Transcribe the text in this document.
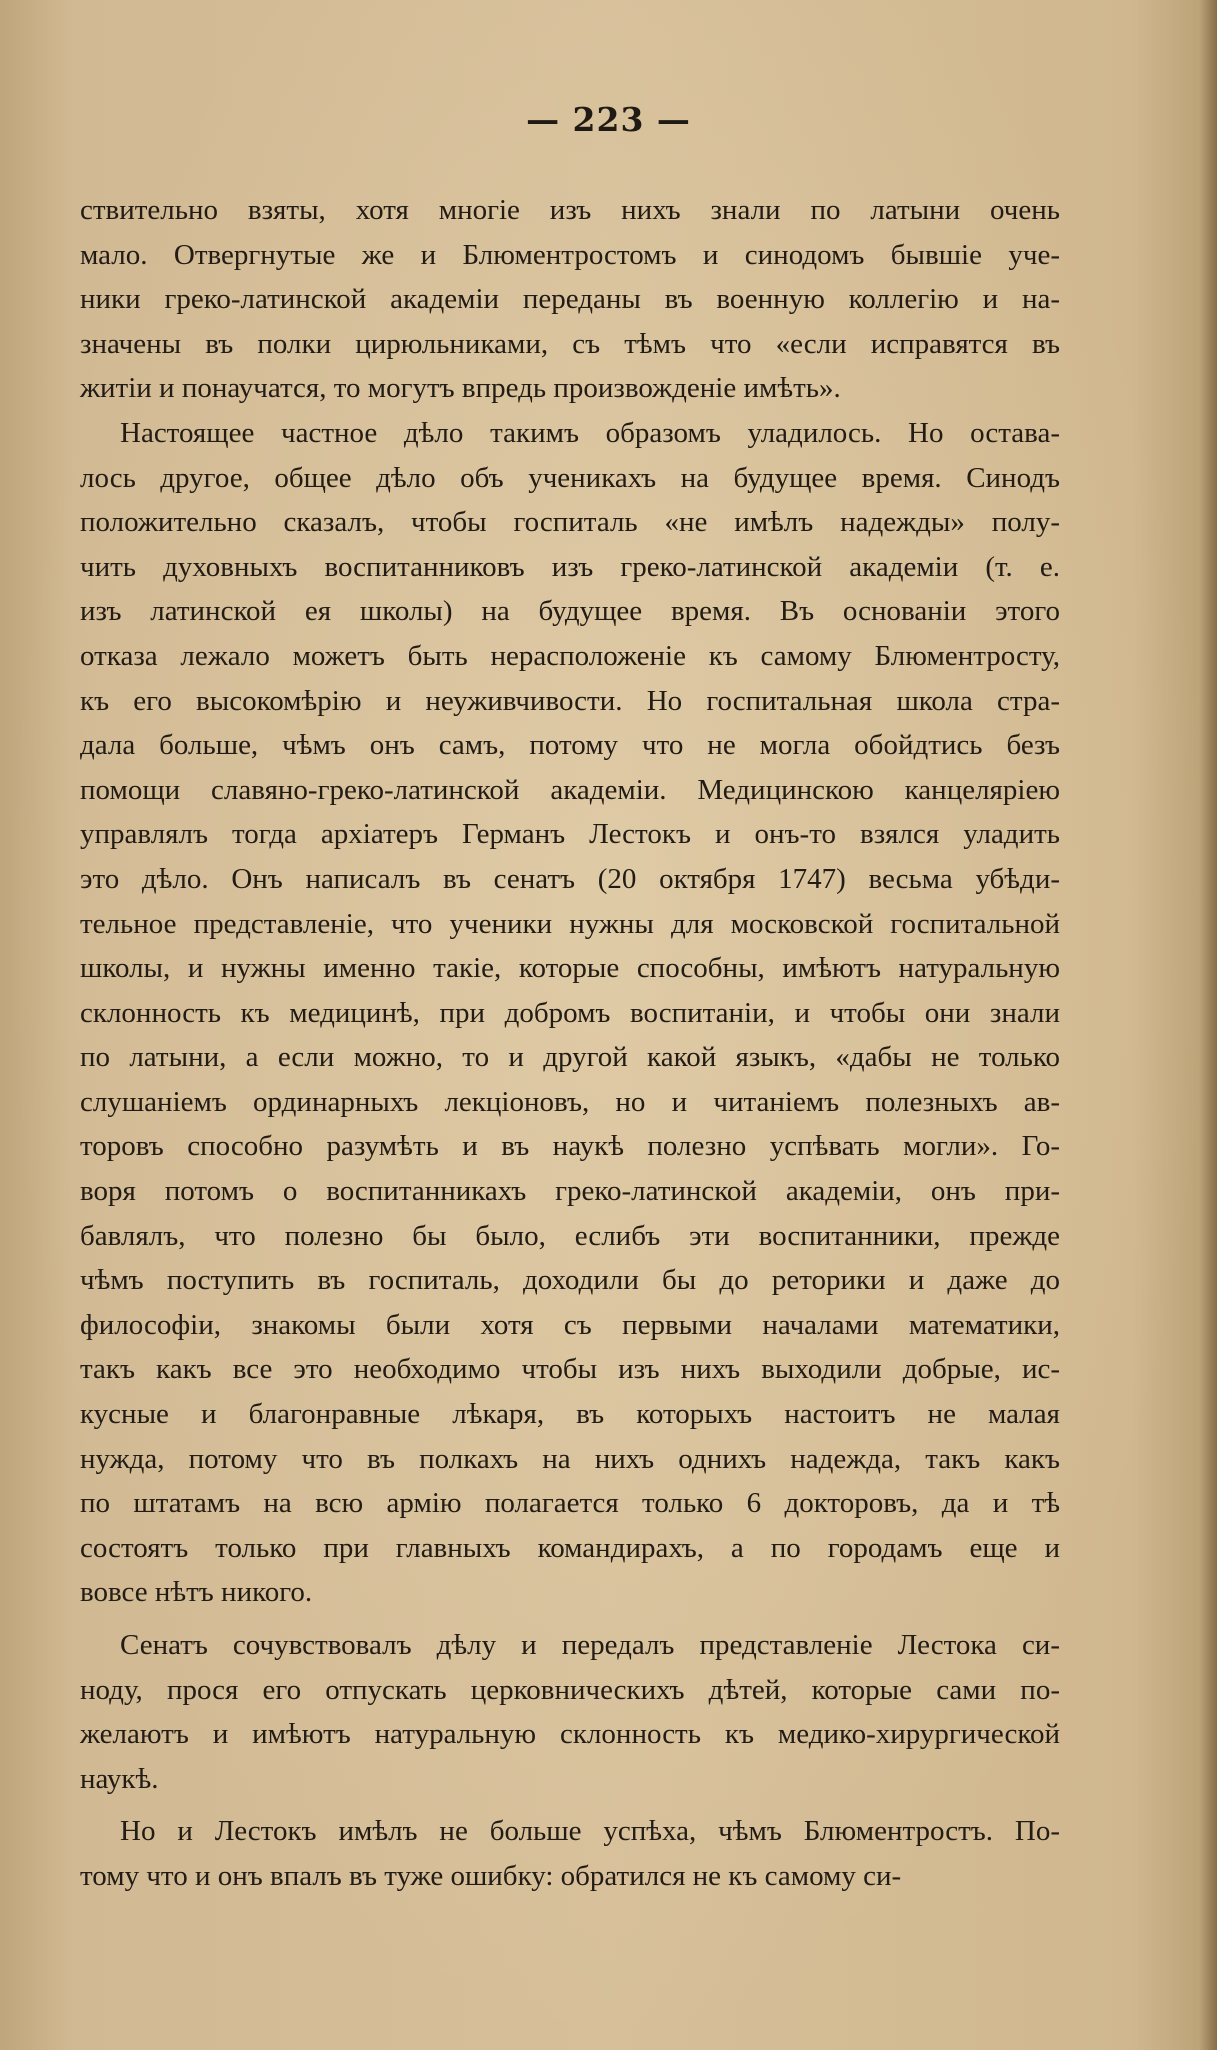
— 223 —
ствительно взяты, хотя многіе изъ нихъ знали по латыни очень
мало. Отвергнутые же и Блюментростомъ и синодомъ бывшіе уче-
ники греко-латинской академіи переданы въ военную коллегію и на-
значены въ полки цирюльниками, съ тѣмъ что «если исправятся въ
житіи и понаучатся, то могутъ впредь произвожденіе имѣть».
Настоящее частное дѣло такимъ образомъ уладилось. Но остава-
лось другое, общее дѣло объ ученикахъ на будущее время. Синодъ
положительно сказалъ, чтобы госпиталь «не имѣлъ надежды» полу-
чить духовныхъ воспитанниковъ изъ греко-латинской академіи (т. е.
изъ латинской ея школы) на будущее время. Въ основаніи этого
отказа лежало можетъ быть нерасположеніе къ самому Блюментросту,
къ его высокомѣрію и неуживчивости. Но госпитальная школа стра-
дала больше, чѣмъ онъ самъ, потому что не могла обойдтись безъ
помощи славяно-греко-латинской академіи. Медицинскою канцеляріею
управлялъ тогда архіатеръ Германъ Лестокъ и онъ-то взялся уладить
это дѣло. Онъ написалъ въ сенатъ (20 октября 1747) весьма убѣди-
тельное представленіе, что ученики нужны для московской госпитальной
школы, и нужны именно такіе, которые способны, имѣютъ натуральную
склонность къ медицинѣ, при добромъ воспитаніи, и чтобы они знали
по латыни, а если можно, то и другой какой языкъ, «дабы не только
слушаніемъ ординарныхъ лекціоновъ, но и читаніемъ полезныхъ ав-
торовъ способно разумѣть и въ наукѣ полезно успѣвать могли». Го-
воря потомъ о воспитанникахъ греко-латинской академіи, онъ при-
бавлялъ, что полезно бы было, еслибъ эти воспитанники, прежде
чѣмъ поступить въ госпиталь, доходили бы до реторики и даже до
философіи, знакомы были хотя съ первыми началами математики,
такъ какъ все это необходимо чтобы изъ нихъ выходили добрые, ис-
кусные и благонравные лѣкаря, въ которыхъ настоитъ не малая
нужда, потому что въ полкахъ на нихъ однихъ надежда, такъ какъ
по штатамъ на всю армію полагается только 6 докторовъ, да и тѣ
состоятъ только при главныхъ командирахъ, а по городамъ еще и
вовсе нѣтъ никого.
Сенатъ сочувствовалъ дѣлу и передалъ представленіе Лестока си-
ноду, прося его отпускать церковническихъ дѣтей, которые сами по-
желаютъ и имѣютъ натуральную склонность къ медико-хирургической
наукѣ.
Но и Лестокъ имѣлъ не больше успѣха, чѣмъ Блюментростъ. По-
тому что и онъ впалъ въ туже ошибку: обратился не къ самому си-
